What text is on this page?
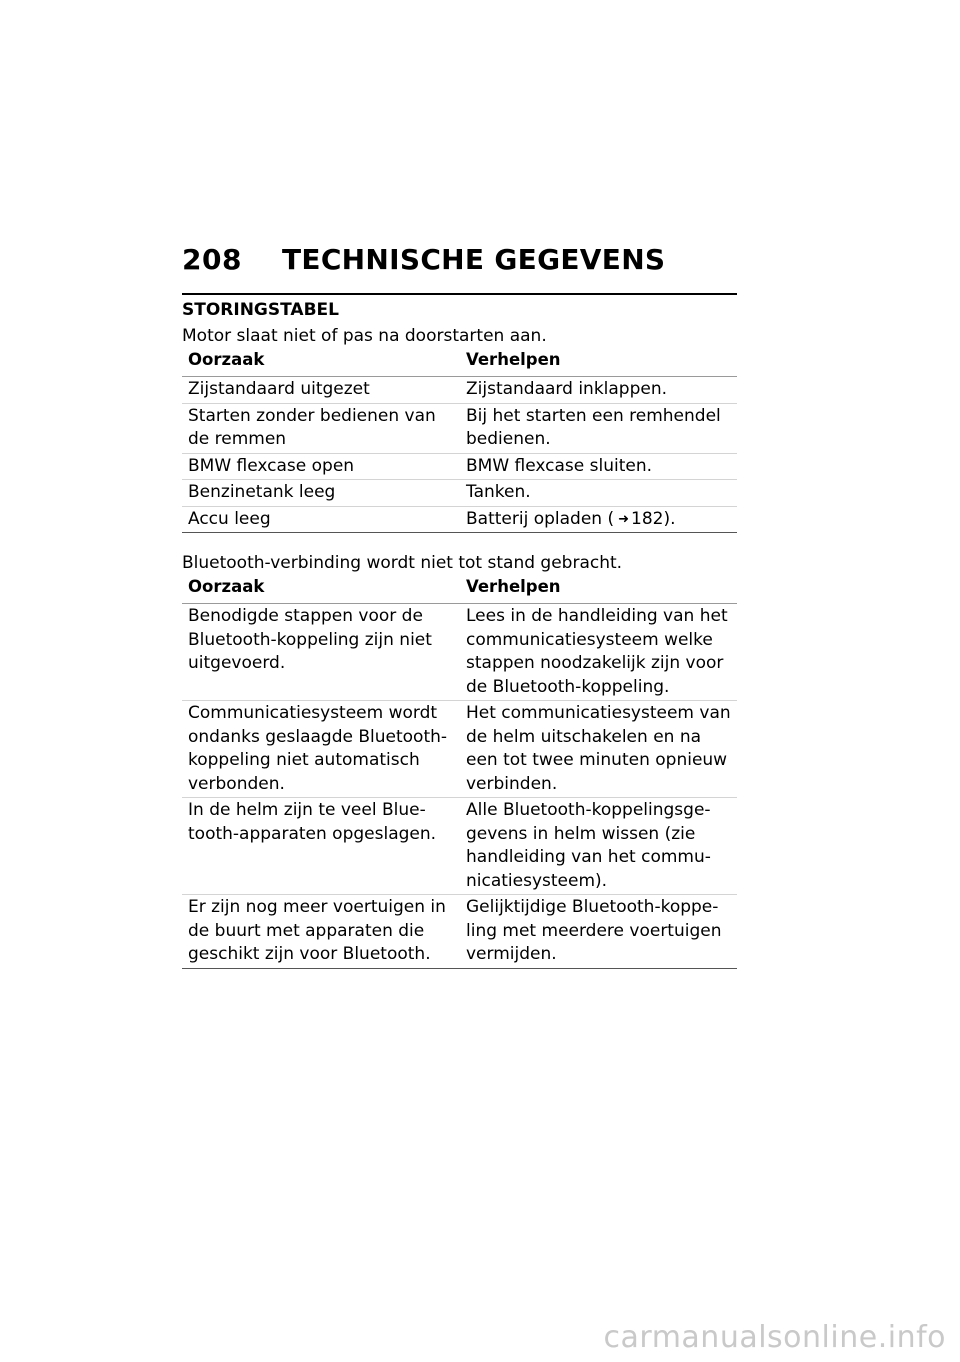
208 TECHNISCHE GEGEVENS
STORINGSTABEL

Motor slaat niet of pas na doorstarten aan.

Oorzaak	Verhelpen
Zijstandaard uitgezet	Zijstandaard inklappen.
Starten zonder bedienen van de remmen	Bij het starten een remhendel bedienen.
BMW flexcase open	BMW flexcase sluiten.
Benzinetank leeg	Tanken.
Accu leeg	Batterij opladen ( ➜ 182).

Bluetooth-verbinding wordt niet tot stand gebracht.

Oorzaak	Verhelpen
Benodigde stappen voor de Bluetooth-koppeling zijn niet uitgevoerd.	Lees in de handleiding van het communicatiesysteem welke stappen noodzakelijk zijn voor de Bluetooth-koppeling.
Communicatiesysteem wordt ondanks geslaagde Bluetooth-koppeling niet automatisch verbonden.	Het communicatiesysteem van de helm uitschakelen en na een tot twee minuten opnieuw verbinden.
In de helm zijn te veel Blue-tooth-apparaten opgeslagen.	Alle Bluetooth-koppelingsge-gevens in helm wissen (zie handleiding van het commu-nicatiesysteem).
Er zijn nog meer voertuigen in de buurt met apparaten die geschikt zijn voor Bluetooth.	Gelijktijdige Bluetooth-koppe-ling met meerdere voertuigen vermijden.
carmanualsonline.info
